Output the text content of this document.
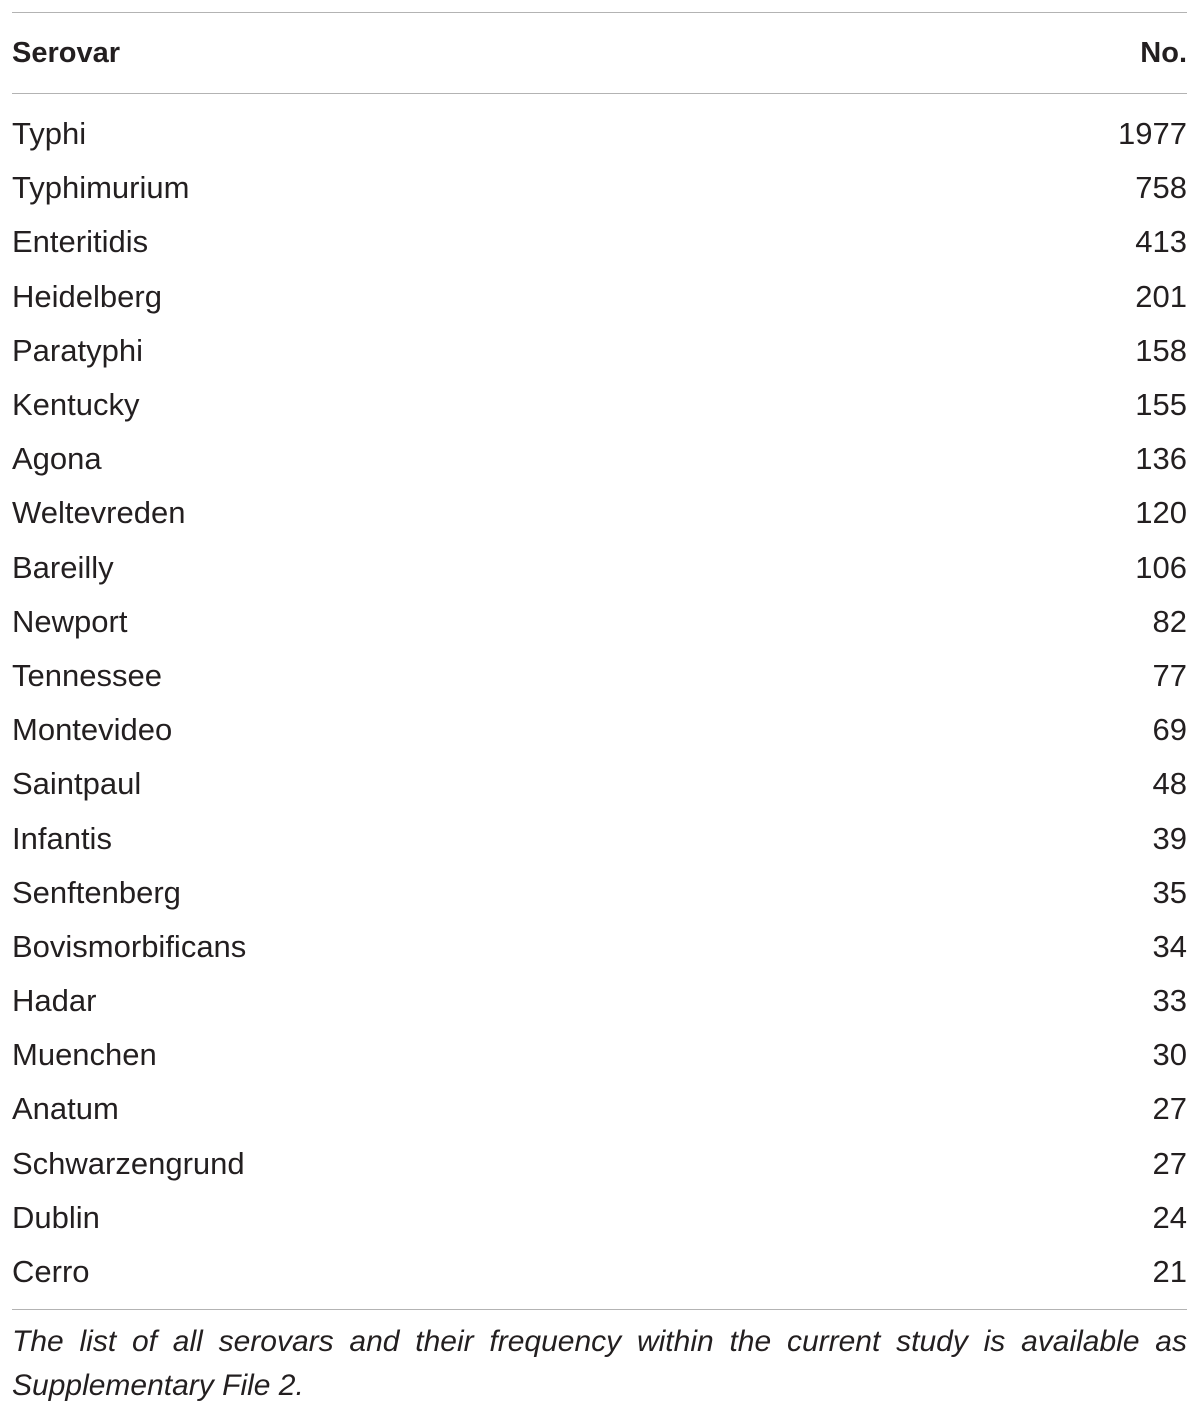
Serovar	No.
Typhi	1977
Typhimurium	758
Enteritidis	413
Heidelberg	201
Paratyphi	158
Kentucky	155
Agona	136
Weltevreden	120
Bareilly	106
Newport	82
Tennessee	77
Montevideo	69
Saintpaul	48
Infantis	39
Senftenberg	35
Bovismorbificans	34
Hadar	33
Muenchen	30
Anatum	27
Schwarzengrund	27
Dublin	24
Cerro	21
The list of all serovars and their frequency within the current study is available as Supplementary File 2.
